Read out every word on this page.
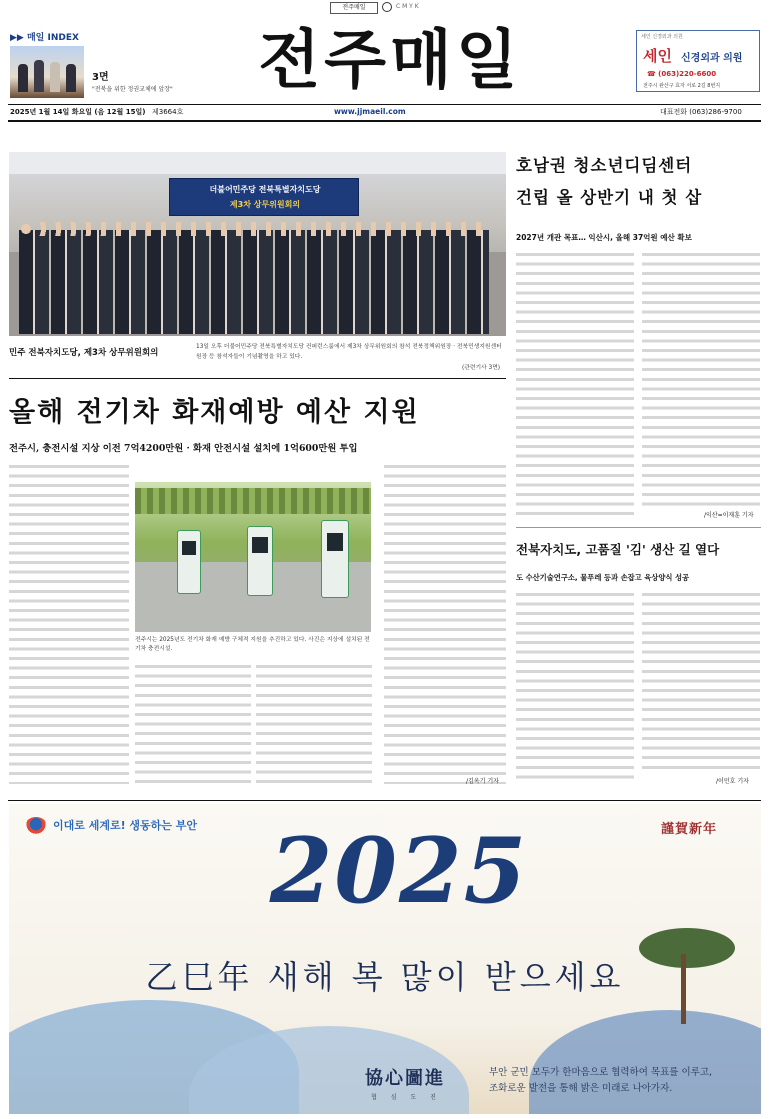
전주매일	C M Y K
▶▶ 매일 INDEX
3면
"전북을 위한 정권교체에 앞장" 전주매일	세인 신경외과 의원
세인 신경외과 의원
☎ (063)220-6600
전주시 완산구 효자 서로 2길 8번지
2025년 1월 14일 화요일 (음 12월 15일) 제3664호	www.jjmaeil.com	대표전화 (063)286-9700
더불어민주당 전북특별자치도당
제3차 상무위원회의
민주 전북자치도당, 제3차 상무위원회의
13일 오후 더불어민주당 전북특별자치도당 컨퍼런스룸에서 제3차 상무위원회의 참석 전북정책위원장 · 전북민생지원센터 원장 등 참석자들이 기념촬영을 하고 있다.
(관련기사 3면)
호남권 청소년디딤센터
건립 올 상반기 내 첫 삽
2027년 개관 목표… 익산시, 올해 37억원 예산 확보
/익산=이재훈 기자
올해 전기차 화재예방 예산 지원
전주시, 충전시설 지상 이전 7억4200만원 · 화재 안전시설 설치에 1억600만원 투입
전주시는 2025년도 전기차 화재 예방 구체적 지원을 추진하고 있다. 사진은 지상에 설치된 전기차 충전시설.
/김옥기 기자
전북자치도, 고품질 '김' 생산 길 열다
도 수산기술연구소, 물푸레 등과 손잡고 육상양식 성공
/이민호 기자
이대로 세계로! 생동하는 부안	謹賀新年
2025
乙巳年 새해 복 많이 받으세요
協心圖進
협 심 도 진
부안 군민 모두가 한마음으로 협력하여 목표를 이루고,
조화로운 발전을 통해 밝은 미래로 나아가자.
